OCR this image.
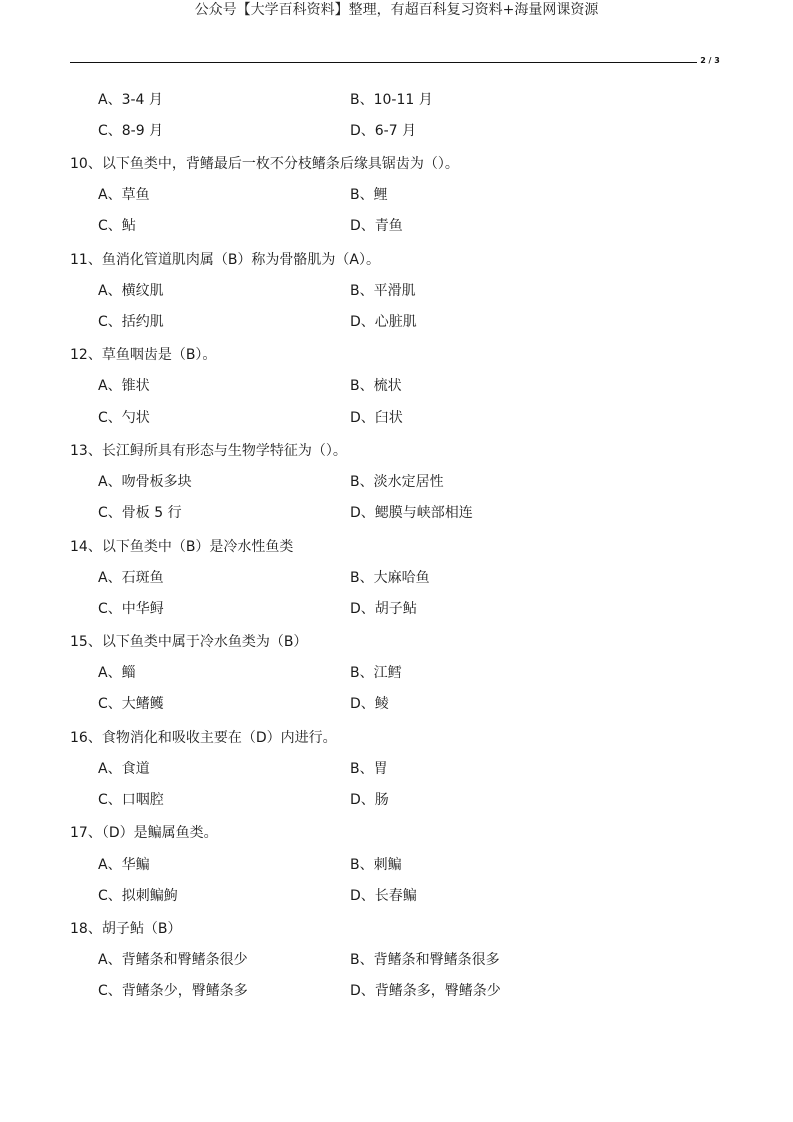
公众号【大学百科资料】整理，有超百科复习资料+海量网课资源
2 / 3
A、3-4 月	B、10-11 月
C、8-9 月	D、6-7 月
10、以下鱼类中，背鳍最后一枚不分枝鳍条后缘具锯齿为（）。
A、草鱼	B、鲤
C、鲇	D、青鱼
11、鱼消化管道肌肉属（B）称为骨骼肌为（A）。
A、横纹肌	B、平滑肌
C、括约肌	D、心脏肌
12、草鱼咽齿是（B）。
A、锥状	B、梳状
C、勺状	D、臼状
13、长江鲟所具有形态与生物学特征为（）。
A、吻骨板多块	B、淡水定居性
C、骨板 5 行	D、鳃膜与峡部相连
14、以下鱼类中（B）是冷水性鱼类
A、石斑鱼	B、大麻哈鱼
C、中华鲟	D、胡子鲇
15、以下鱼类中属于冷水鱼类为（B）
A、鲻	B、江鳕
C、大鳍鳠	D、鲮
16、食物消化和吸收主要在（D）内进行。
A、食道	B、胃
C、口咽腔	D、肠
17、（D）是鳊属鱼类。
A、华鳊	B、刺鳊
C、拟刺鳊鮈	D、长春鳊
18、胡子鲇（B）
A、背鳍条和臀鳍条很少	B、背鳍条和臀鳍条很多
C、背鳍条少，臀鳍条多	D、背鳍条多，臀鳍条少
